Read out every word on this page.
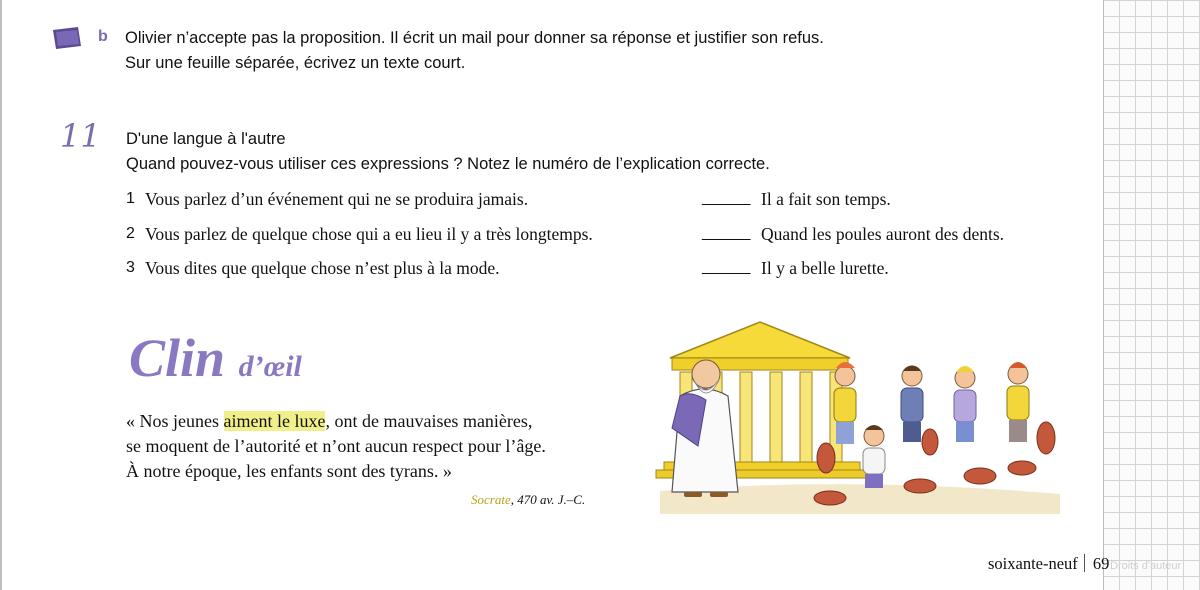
b Olivier n’accepte pas la proposition. Il écrit un mail pour donner sa réponse et justifier son refus.
Sur une feuille séparée, écrivez un texte court.
11 D'une langue à l'autre
Quand pouvez-vous utiliser ces expressions ? Notez le numéro de l’explication correcte.
1 Vous parlez d’un événement qui ne se produira jamais.	______ Il a fait son temps.
2 Vous parlez de quelque chose qui a eu lieu il y a très longtemps.	______ Quand les poules auront des dents.
3 Vous dites que quelque chose n’est plus à la mode.	______ Il y a belle lurette.
Clin d’œil
« Nos jeunes aiment le luxe, ont de mauvaises manières,
se moquent de l’autorité et n’ont aucun respect pour l’âge.
À notre époque, les enfants sont des tyrans. »
Socrate, 470 av. J.–C.
soixante-neuf 69 Droits d'auteur
